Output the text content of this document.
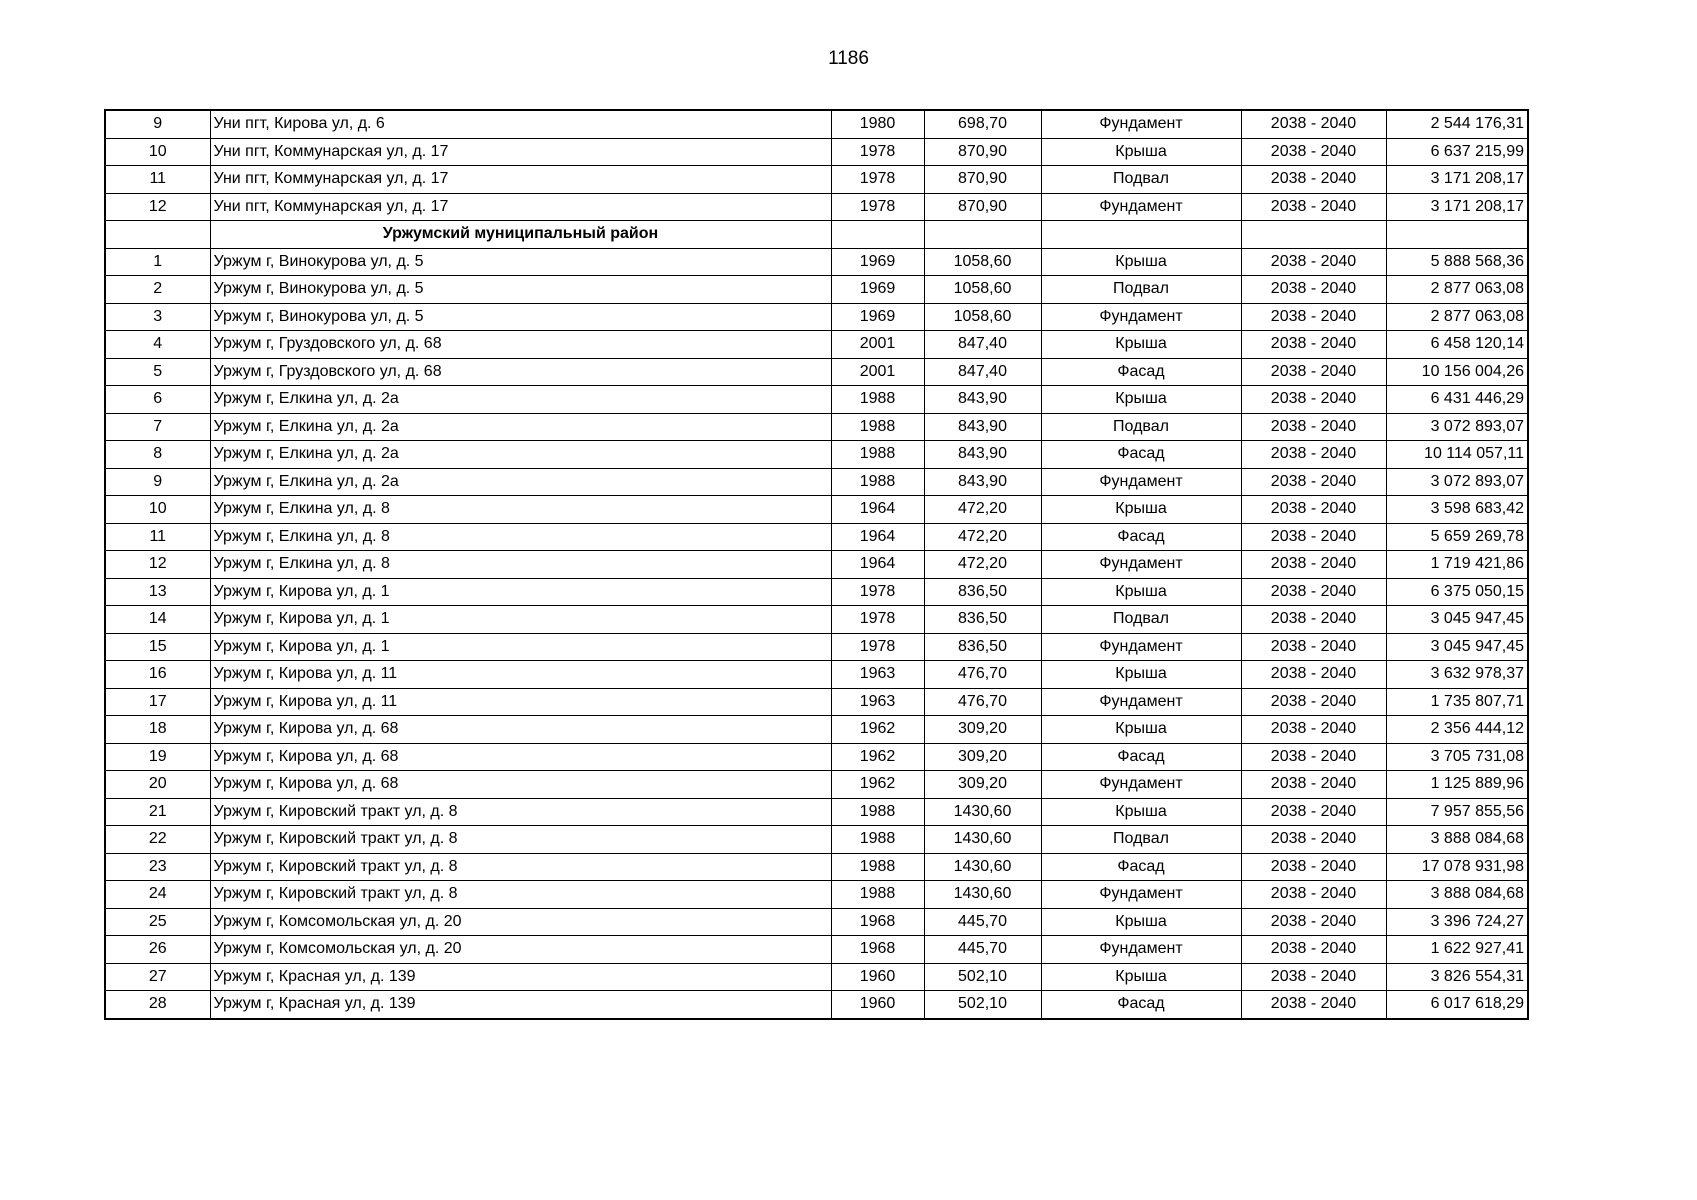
1186
9	Уни пгт, Кирова ул, д. 6	1980	698,70	Фундамент	2038 - 2040	2 544 176,31
10	Уни пгт, Коммунарская ул, д. 17	1978	870,90	Крыша	2038 - 2040	6 637 215,99
11	Уни пгт, Коммунарская ул, д. 17	1978	870,90	Подвал	2038 - 2040	3 171 208,17
12	Уни пгт, Коммунарская ул, д. 17	1978	870,90	Фундамент	2038 - 2040	3 171 208,17
	Уржумский муниципальный район					
1	Уржум г, Винокурова ул, д. 5	1969	1058,60	Крыша	2038 - 2040	5 888 568,36
2	Уржум г, Винокурова ул, д. 5	1969	1058,60	Подвал	2038 - 2040	2 877 063,08
3	Уржум г, Винокурова ул, д. 5	1969	1058,60	Фундамент	2038 - 2040	2 877 063,08
4	Уржум г, Груздовского ул, д. 68	2001	847,40	Крыша	2038 - 2040	6 458 120,14
5	Уржум г, Груздовского ул, д. 68	2001	847,40	Фасад	2038 - 2040	10 156 004,26
6	Уржум г, Елкина ул, д. 2а	1988	843,90	Крыша	2038 - 2040	6 431 446,29
7	Уржум г, Елкина ул, д. 2а	1988	843,90	Подвал	2038 - 2040	3 072 893,07
8	Уржум г, Елкина ул, д. 2а	1988	843,90	Фасад	2038 - 2040	10 114 057,11
9	Уржум г, Елкина ул, д. 2а	1988	843,90	Фундамент	2038 - 2040	3 072 893,07
10	Уржум г, Елкина ул, д. 8	1964	472,20	Крыша	2038 - 2040	3 598 683,42
11	Уржум г, Елкина ул, д. 8	1964	472,20	Фасад	2038 - 2040	5 659 269,78
12	Уржум г, Елкина ул, д. 8	1964	472,20	Фундамент	2038 - 2040	1 719 421,86
13	Уржум г, Кирова ул, д. 1	1978	836,50	Крыша	2038 - 2040	6 375 050,15
14	Уржум г, Кирова ул, д. 1	1978	836,50	Подвал	2038 - 2040	3 045 947,45
15	Уржум г, Кирова ул, д. 1	1978	836,50	Фундамент	2038 - 2040	3 045 947,45
16	Уржум г, Кирова ул, д. 11	1963	476,70	Крыша	2038 - 2040	3 632 978,37
17	Уржум г, Кирова ул, д. 11	1963	476,70	Фундамент	2038 - 2040	1 735 807,71
18	Уржум г, Кирова ул, д. 68	1962	309,20	Крыша	2038 - 2040	2 356 444,12
19	Уржум г, Кирова ул, д. 68	1962	309,20	Фасад	2038 - 2040	3 705 731,08
20	Уржум г, Кирова ул, д. 68	1962	309,20	Фундамент	2038 - 2040	1 125 889,96
21	Уржум г, Кировский тракт ул, д. 8	1988	1430,60	Крыша	2038 - 2040	7 957 855,56
22	Уржум г, Кировский тракт ул, д. 8	1988	1430,60	Подвал	2038 - 2040	3 888 084,68
23	Уржум г, Кировский тракт ул, д. 8	1988	1430,60	Фасад	2038 - 2040	17 078 931,98
24	Уржум г, Кировский тракт ул, д. 8	1988	1430,60	Фундамент	2038 - 2040	3 888 084,68
25	Уржум г, Комсомольская ул, д. 20	1968	445,70	Крыша	2038 - 2040	3 396 724,27
26	Уржум г, Комсомольская ул, д. 20	1968	445,70	Фундамент	2038 - 2040	1 622 927,41
27	Уржум г, Красная ул, д. 139	1960	502,10	Крыша	2038 - 2040	3 826 554,31
28	Уржум г, Красная ул, д. 139	1960	502,10	Фасад	2038 - 2040	6 017 618,29
